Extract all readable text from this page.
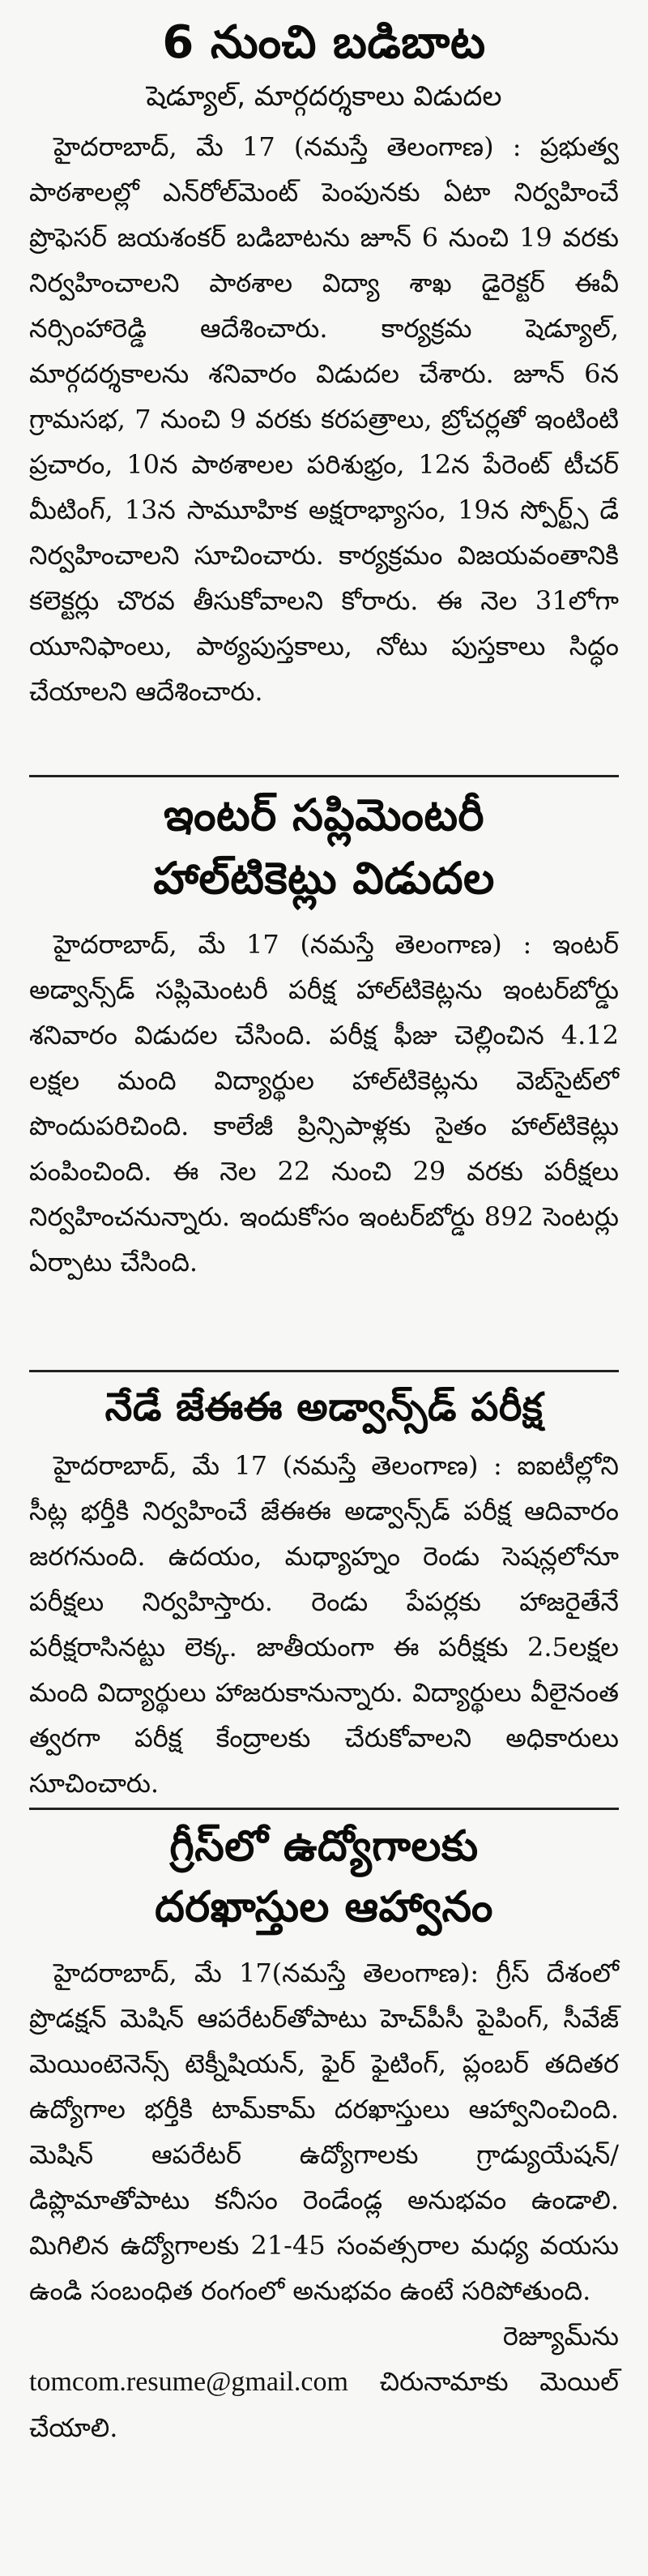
6 నుంచి బడిబాట
షెడ్యూల్, మార్గదర్శకాలు విడుదల

హైదరాబాద్, మే 17 (నమస్తే తెలంగాణ) : ప్రభుత్వ పాఠశాలల్లో ఎన్‌రోల్‌మెంట్ పెంపునకు ఏటా నిర్వహించే ప్రొఫెసర్ జయశంకర్ బడిబాటను జూన్ 6 నుంచి 19 వరకు నిర్వహించాలని పాఠశాల విద్యా శాఖ డైరెక్టర్ ఈవీ నర్సింహారెడ్డి ఆదేశించారు. కార్యక్రమ షెడ్యూల్, మార్గదర్శకాలను శనివారం విడుదల చేశారు. జూన్ 6న గ్రామసభ, 7 నుంచి 9 వరకు కరపత్రాలు, బ్రోచర్లతో ఇంటింటి ప్రచారం, 10న పాఠశాలల పరిశుభ్రం, 12న పేరెంట్ టీచర్ మీటింగ్, 13న సామూహిక అక్షరాభ్యాసం, 19న స్పోర్ట్స్ డే నిర్వహించాలని సూచించారు. కార్యక్రమం విజయవంతానికి కలెక్టర్లు చొరవ తీసుకోవాలని కోరారు. ఈ నెల 31లోగా యూనిఫాంలు, పాఠ్యపుస్తకాలు, నోటు పుస్తకాలు సిద్ధం చేయాలని ఆదేశించారు.

ఇంటర్ సప్లిమెంటరీ
హాల్‌టికెట్లు విడుదల

హైదరాబాద్, మే 17 (నమస్తే తెలంగాణ) : ఇంటర్ అడ్వాన్స్‌డ్ సప్లిమెంటరీ పరీక్ష హాల్‌టికెట్లను ఇంటర్‌బోర్డు శనివారం విడుదల చేసింది. పరీక్ష ఫీజు చెల్లించిన 4.12 లక్షల మంది విద్యార్థుల హాల్‌టికెట్లను వెబ్‌సైట్‌లో పొందుపరిచింది. కాలేజీ ప్రిన్సిపాళ్లకు సైతం హాల్‌టికెట్లు పంపించింది. ఈ నెల 22 నుంచి 29 వరకు పరీక్షలు నిర్వహించనున్నారు. ఇందుకోసం ఇంటర్‌బోర్డు 892 సెంటర్లు ఏర్పాటు చేసింది.

నేడే జేఈఈ అడ్వాన్స్‌డ్ పరీక్ష

హైదరాబాద్, మే 17 (నమస్తే తెలంగాణ) : ఐఐటీల్లోని సీట్ల భర్తీకి నిర్వహించే జేఈఈ అడ్వాన్స్‌డ్ పరీక్ష ఆదివారం జరగనుంది. ఉదయం, మధ్యాహ్నం రెండు సెషన్లలోనూ పరీక్షలు నిర్వహిస్తారు. రెండు పేపర్లకు హాజరైతేనే పరీక్షరాసినట్టు లెక్క. జాతీయంగా ఈ పరీక్షకు 2.5లక్షల మంది విద్యార్థులు హాజరుకానున్నారు. విద్యార్థులు వీలైనంత త్వరగా పరీక్ష కేంద్రాలకు చేరుకోవాలని అధికారులు సూచించారు.

గ్రీస్‌లో ఉద్యోగాలకు
దరఖాస్తుల ఆహ్వానం

హైదరాబాద్, మే 17(నమస్తే తెలంగాణ): గ్రీస్ దేశంలో ప్రొడక్షన్ మెషిన్ ఆపరేటర్‌తోపాటు హెచ్‌పీసీ పైపింగ్, సీవేజ్ మెయింటెనెన్స్ టెక్నీషియన్, ఫైర్ ఫైటింగ్, ప్లంబర్ తదితర ఉద్యోగాల భర్తీకి టామ్‌కామ్ దరఖాస్తులు ఆహ్వానించింది. మెషిన్ ఆపరేటర్ ఉద్యోగాలకు గ్రాడ్యుయేషన్/డిప్లొమాతోపాటు కనీసం రెండేండ్ల అనుభవం ఉండాలి. మిగిలిన ఉద్యోగాలకు 21-45 సంవత్సరాల మధ్య వయసు ఉండి సంబంధిత రంగంలో అనుభవం ఉంటే సరిపోతుంది.
రెజ్యూమ్‌ను
tomcom.resume@gmail.com చిరునామాకు మెయిల్ చేయాలి.
